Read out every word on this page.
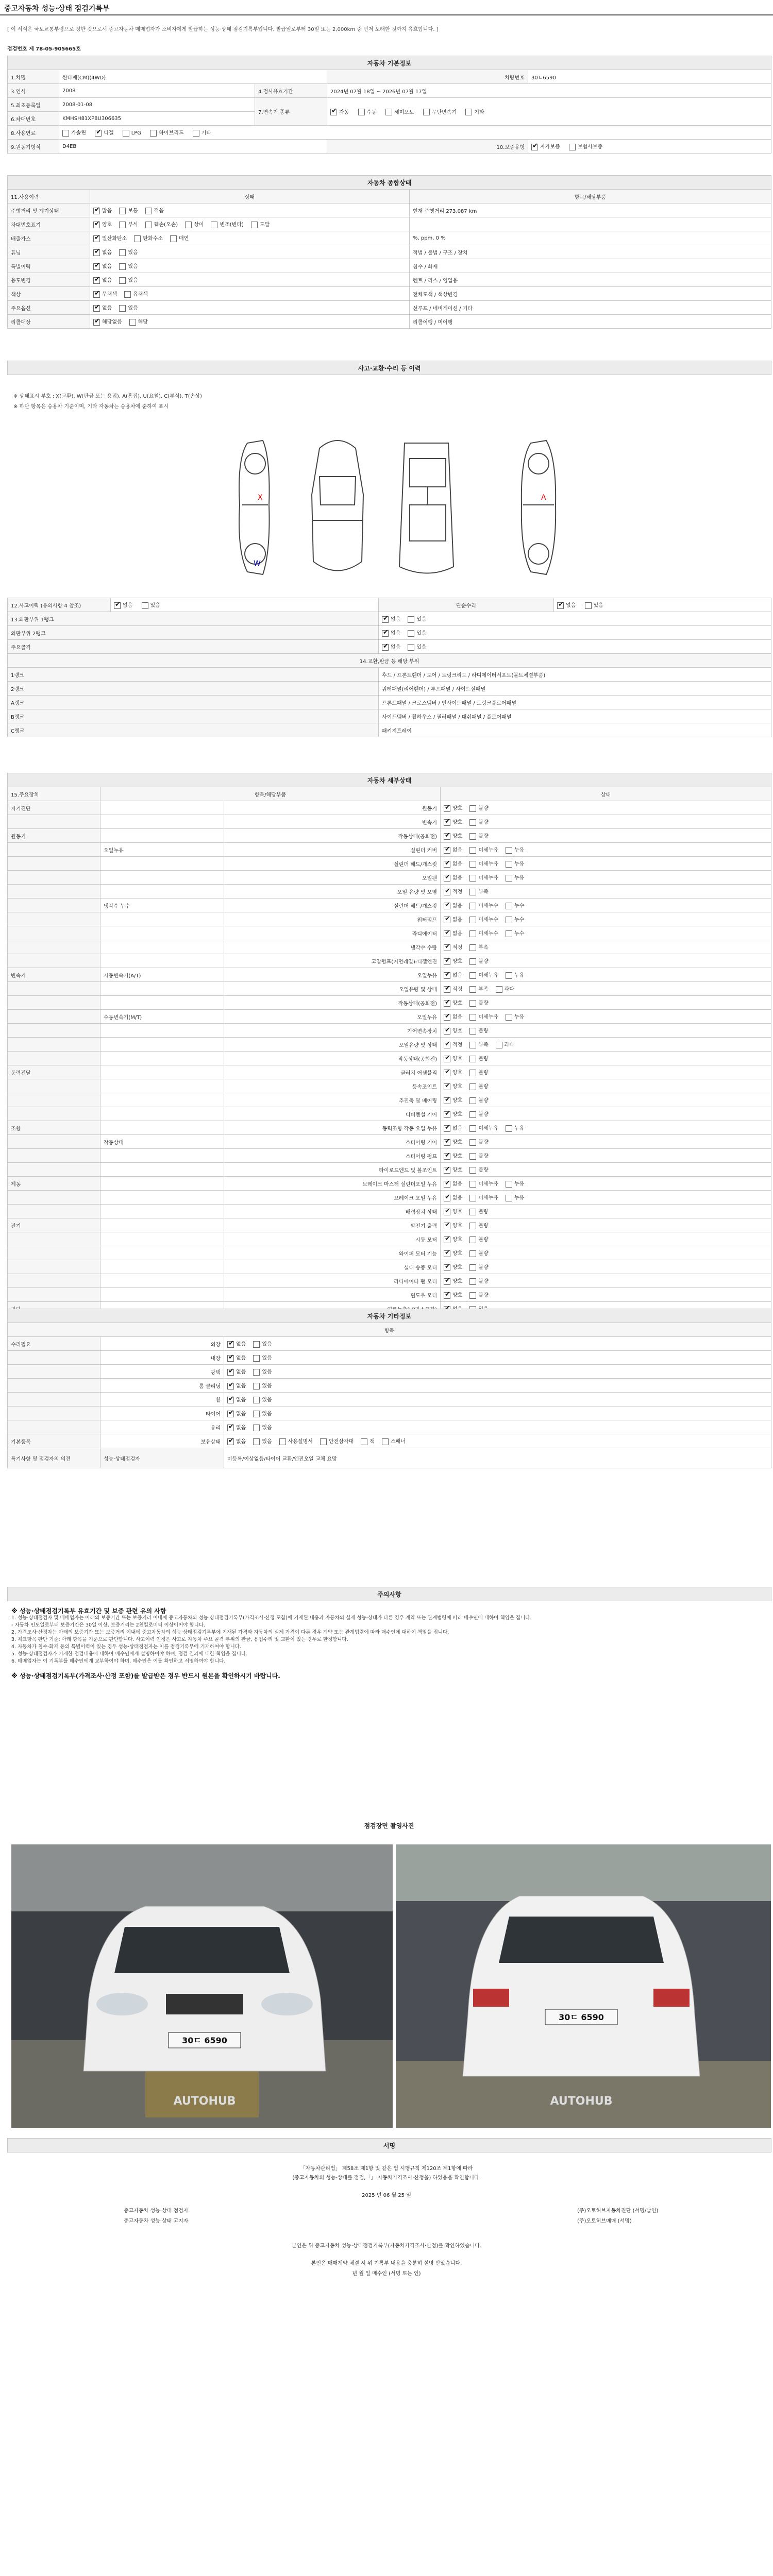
중고자동차 성능·상태 점검기록부
[ 이 서식은 국토교통부령으로 정한 것으로서 중고자동차 매매업자가 소비자에게 발급하는 성능·상태 점검기록부입니다. 발급일로부터 30일 또는 2,000km 중 먼저 도래한 것까지 유효합니다. ]
점검번호 제 78-05-905665호
자동차 기본정보				
1.차명	싼타페(CM)(4WD)		차량번호	30ㄷ6590
3.연식	2008	4.검사유효기간	2024년 07월 18일 ~ 2026년 07월 17일	
5.최초등록일	2008-01-08	7.변속기 종류	✔자동 수동 세미오토 무단변속기 기타
6.차대번호	KMHSH81XP8U306635			
8.사용연료	가솔린 ✔ 디젤 LPG 하이브리드 기타
9.원동기형식	D4EB		10.보증유형	✔자가보증 보험사보증
자동차 종합상태		
11.사용이력	상태	항목/해당부품
주행거리 및 계기상태	✔많음 보통 적음	현재 주행거리 273,087 km
차대번호표기	✔양호 부식 훼손(오손) 상이 변조(변타) 도말	
배출가스	✔일산화탄소 탄화수소 매연	%, ppm, 0 %
튜닝	✔없음 있음	적법 / 불법 / 구조 / 장치
특별이력	✔없음 있음	침수 / 화재
용도변경	✔없음 있음	렌트 / 리스 / 영업용
색상	✔무채색 유채색	전체도색 / 색상변경
주요옵션	✔없음 있음	선루프 / 네비게이션 / 기타
리콜대상	✔해당없음 해당	리콜이행 / 미이행
사고·교환·수리 등 이력
※ 상태표시 부호 : X(교환), W(판금 또는 용접), A(흠집), U(요철), C(부식), T(손상)
※ 하단 항목은 승용차 기준이며, 기타 자동차는 승용차에 준하여 표시
X
W
A
12.사고이력 (유의사항 4 참조)	✔없음 있음	단순수리	✔없음 있음
13.외판부위 1랭크	✔없음 있음
외판부위 2랭크	✔없음 있음
주요골격	✔없음 있음
14.교환,판금 등 해당 부위			
1랭크		후드 / 프론트휀더 / 도어 / 트렁크리드 / 라디에이터서포트(볼트체결부품)	
2랭크		쿼터패널(리어휀더) / 루프패널 / 사이드실패널	
A랭크		프론트패널 / 크로스멤버 / 인사이드패널 / 트렁크플로어패널	
B랭크		사이드멤버 / 휠하우스 / 필러패널 / 대쉬패널 / 플로어패널	
C랭크		패키지트레이	
자동차 세부상태			
15.주요장치	항목/해당부품		상태
자기진단		원동기	✔양호 불량
		변속기	✔양호 불량
원동기		작동상태(공회전)	✔양호 불량
	오일누유	실린더 커버	✔없음 미세누유 누유
		실린더 헤드/개스킷	✔없음 미세누유 누유
		오일팬	✔없음 미세누유 누유
		오일 유량 및 오염	✔적정 부족
	냉각수 누수	실린더 헤드/개스킷	✔없음 미세누수 누수
		워터펌프	✔없음 미세누수 누수
		라디에이터	✔없음 미세누수 누수
		냉각수 수량	✔적정 부족
		고압펌프(커먼레일)-디젤엔진	✔양호 불량
변속기	자동변속기(A/T)	오일누유	✔없음 미세누유 누유
		오일유량 및 상태	✔적정 부족 과다
		작동상태(공회전)	✔양호 불량
	수동변속기(M/T)	오일누유	✔없음 미세누유 누유
		기어변속장치	✔양호 불량
		오일유량 및 상태	✔적정 부족 과다
		작동상태(공회전)	✔양호 불량
동력전달		클러치 어셈블리	✔양호 불량
		등속조인트	✔양호 불량
		추진축 및 베어링	✔양호 불량
		디퍼렌셜 기어	✔양호 불량
조향		동력조향 작동 오일 누유	✔없음 미세누유 누유
	작동상태	스티어링 기어	✔양호 불량
		스티어링 펌프	✔양호 불량
		타이로드엔드 및 볼조인트	✔양호 불량
제동		브레이크 마스터 실린더오일 누유	✔없음 미세누유 누유
		브레이크 오일 누유	✔없음 미세누유 누유
		배력장치 상태	✔양호 불량
전기		발전기 출력	✔양호 불량
		시동 모터	✔양호 불량
		와이퍼 모터 기능	✔양호 불량
		실내 송풍 모터	✔양호 불량
		라디에이터 팬 모터	✔양호 불량
		윈도우 모터	✔양호 불량
			✔
자동차 기타정보		
항목		
수리필요	외장	✔없음 있음
	내장	✔없음 있음
	광택	✔없음 있음
	룸 클리닝	✔없음 있음
	휠	✔없음 있음
	타이어	✔없음 있음
	유리	✔없음 있음
기본품목	보유상태	✔없음 있음 사용설명서 안전삼각대 잭 스패너
특기사항 및 점검자의 의견	성능·상태점검자	미등록/이상없음/타이어 교환/엔진오일 교체 요망
주의사항
※ 성능·상태점검기록부 유효기간 및 보증 관련 유의 사항
1. 성능·상태점검자 및 매매업자는 아래의 보증기간 또는 보증거리 이내에 중고자동차의 성능·상태점검기록부(가격조사·산정 포함)에 기재된 내용과 자동차의 실제 성능·상태가 다른 경우 계약 또는 관계법령에 따라 매수인에 대하여 책임을 집니다.
- 자동차 인도일로부터 보증기간은 30일 이상, 보증거리는 2천킬로미터 이상이어야 합니다.
2. 가격조사·산정자는 아래의 보증기간 또는 보증거리 이내에 중고자동차의 성능·상태점검기록부에 기재된 가격과 자동차의 실제 가격이 다른 경우 계약 또는 관계법령에 따라 매수인에 대하여 책임을 집니다.
3. 체크항목 판단 기준: 아래 항목을 기준으로 판단합니다. 사고이력 인정은 사고로 자동차 주요 골격 부위의 판금, 용접수리 및 교환이 있는 경우로 한정합니다.
4. 자동차가 침수·화재 등의 특별이력이 있는 경우 성능·상태점검자는 이를 점검기록부에 기재하여야 합니다.
5. 성능·상태점검자가 기재한 점검내용에 대하여 매수인에게 설명하여야 하며, 점검 결과에 대한 책임을 집니다.
6. 매매업자는 이 기록부를 매수인에게 교부하여야 하며, 매수인은 이를 확인하고 서명하여야 합니다.
※ 성능·상태점검기록부(가격조사·산정 포함)를 발급받은 경우 반드시 원본을 확인하시기 바랍니다.
점검장면 촬영사진
30ㄷ 6590
AUTOHUB
30ㄷ 6590
AUTOHUB
서명
「자동차관리법」 제58조 제1항 및 같은 법 시행규칙 제120조 제1항에 따라
(중고자동차의 성능·상태를 점검,「」 자동차가격조사·산정을) 하였음을 확인합니다.
2025 년 06 월 25 일
중고자동차 성능·상태 점검자	(주)오토허브자동차진단 (서명/날인)
중고자동차 성능·상태 고지자	(주)오토허브매매 (서명)
본인은 위 중고자동차 성능·상태점검기록부(자동차가격조사·산정)를 확인하였습니다.
본인은 매매계약 체결 시 위 기록부 내용을 충분히 설명 받았습니다.
년 월 일 매수인 (서명 또는 인)
